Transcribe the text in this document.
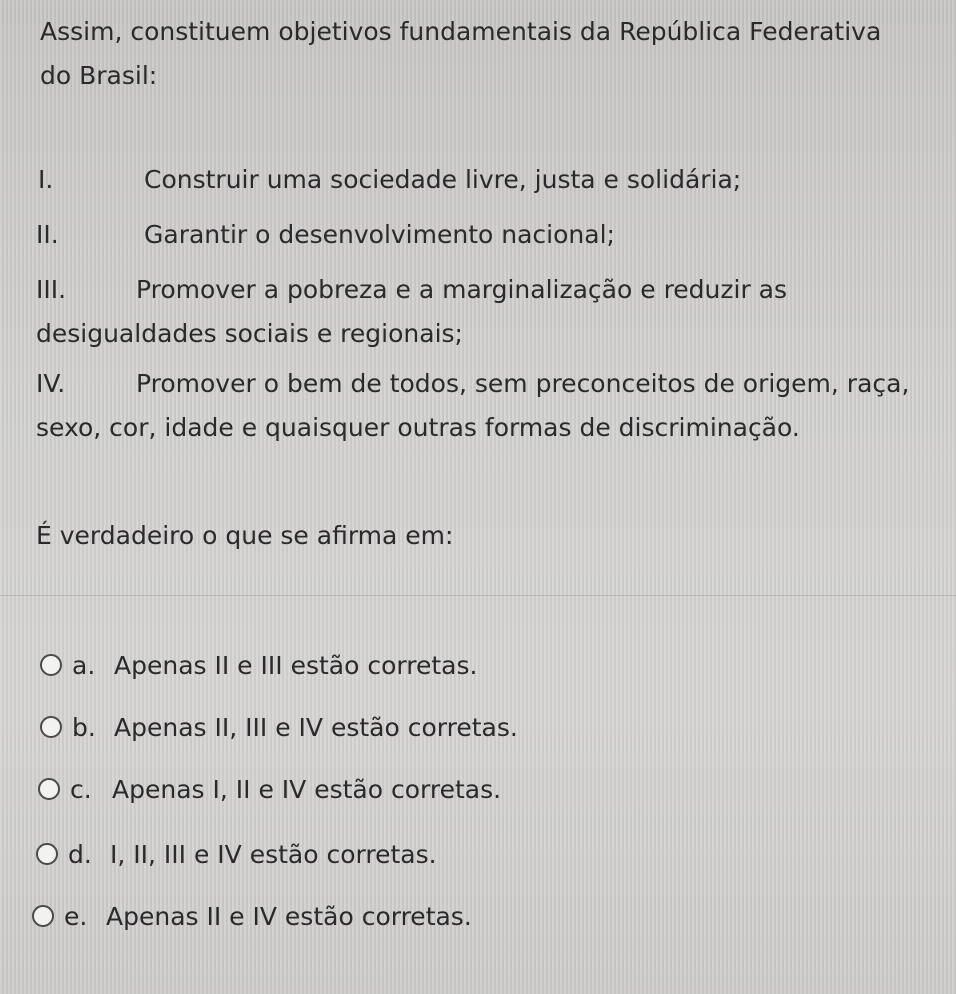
Assim, constituem objetivos fundamentais da República Federativa do Brasil:

I.	Construir uma sociedade livre, justa e solidária;

II.	Garantir o desenvolvimento nacional;

III.	Promover a pobreza e a marginalização e reduzir as desigualdades sociais e regionais;

IV.	Promover o bem de todos, sem preconceitos de origem, raça, sexo, cor, idade e quaisquer outras formas de discriminação.

É verdadeiro o que se afirma em:

a. Apenas II e III estão corretas.
b. Apenas II, III e IV estão corretas.
c. Apenas I, II e IV estão corretas.
d. I, II, III e IV estão corretas.
e. Apenas II e IV estão corretas.
